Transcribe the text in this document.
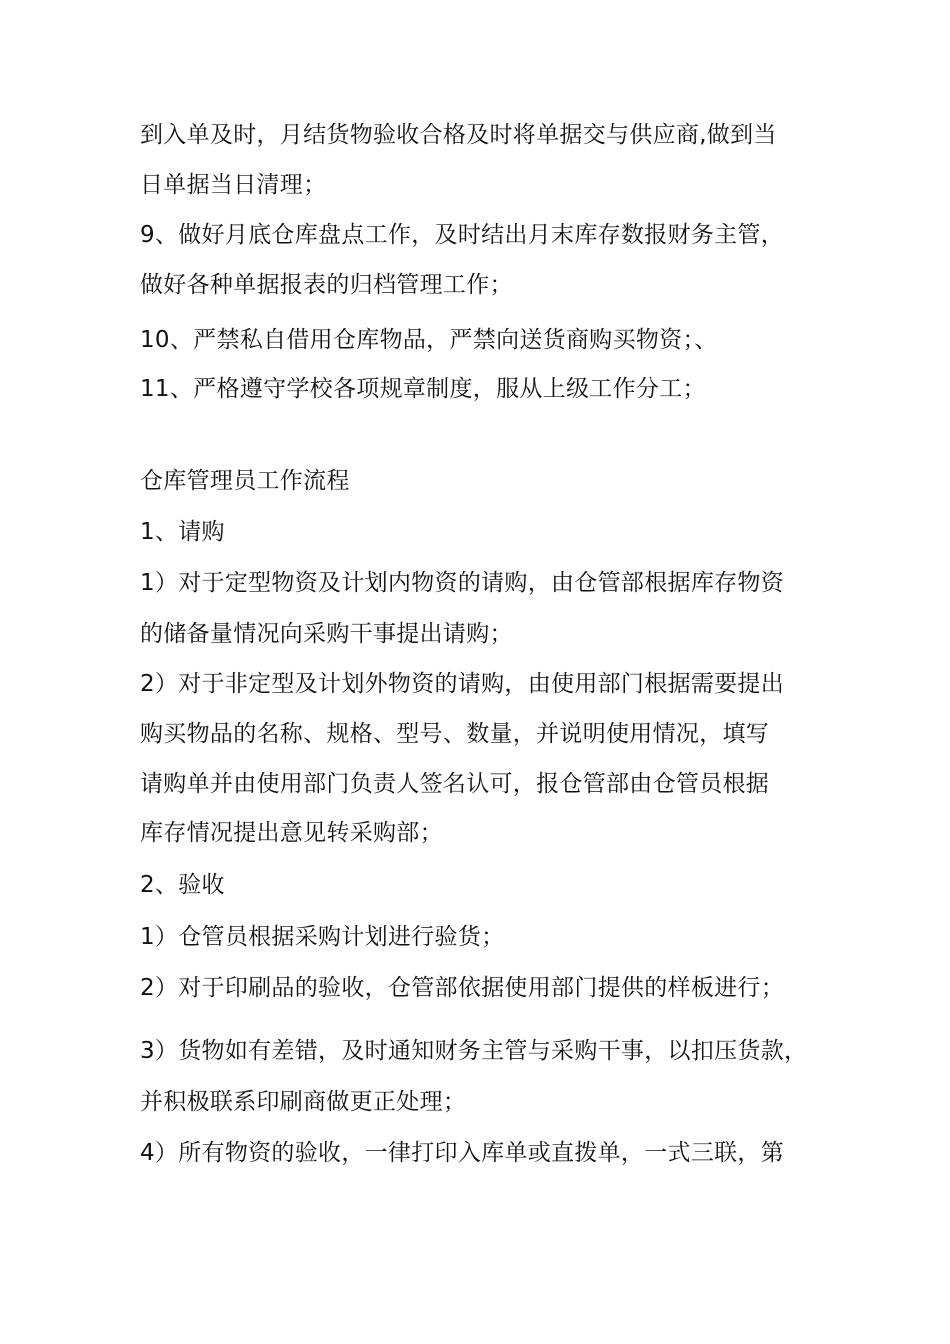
到入单及时，月结货物验收合格及时将单据交与供应商,做到当
日单据当日清理；
9、做好月底仓库盘点工作，及时结出月末库存数报财务主管，
做好各种单据报表的归档管理工作；
10、严禁私自借用仓库物品，严禁向送货商购买物资；、
11、严格遵守学校各项规章制度，服从上级工作分工；
仓库管理员工作流程
1、请购
1）对于定型物资及计划内物资的请购，由仓管部根据库存物资
的储备量情况向采购干事提出请购；
2）对于非定型及计划外物资的请购，由使用部门根据需要提出
购买物品的名称、规格、型号、数量，并说明使用情况，填写
请购单并由使用部门负责人签名认可，报仓管部由仓管员根据
库存情况提出意见转采购部；
2、验收
1）仓管员根据采购计划进行验货；
2）对于印刷品的验收，仓管部依据使用部门提供的样板进行；
3）货物如有差错，及时通知财务主管与采购干事，以扣压货款，
并积极联系印刷商做更正处理；
4）所有物资的验收，一律打印入库单或直拨单，一式三联，第
